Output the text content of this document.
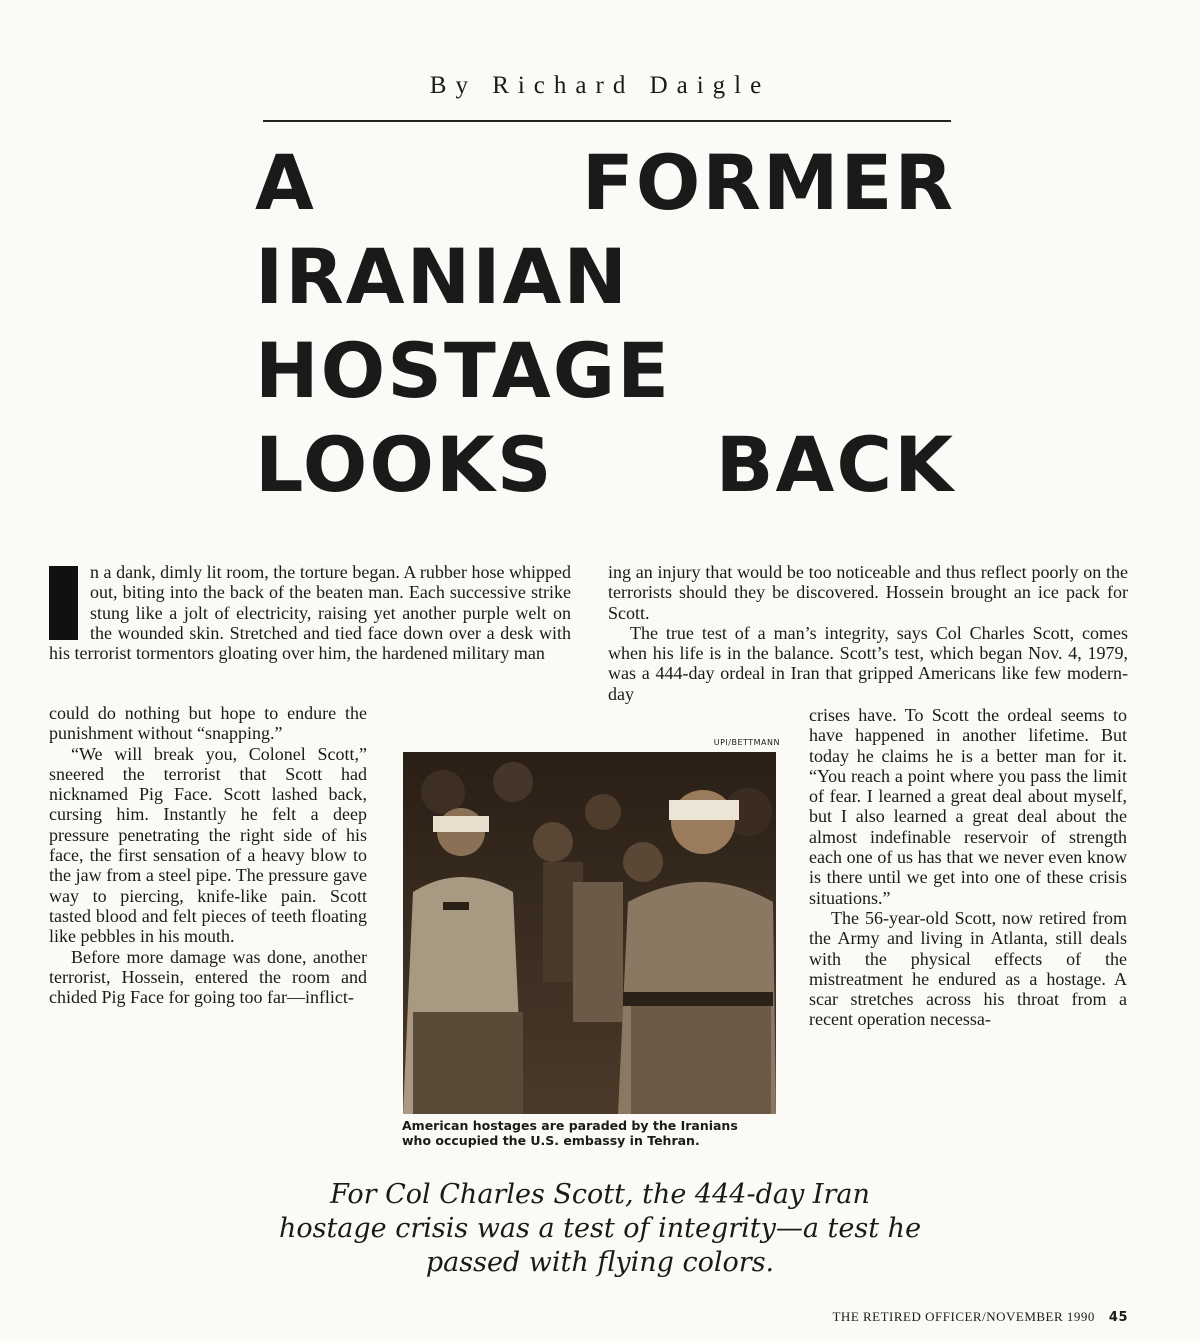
By Richard Daigle
A FORMER
IRANIAN
HOSTAGE
LOOKS BACK

n a dank, dimly lit room, the torture began. A rubber hose whipped out, biting into the back of the beaten man. Each successive strike stung like a jolt of electricity, raising yet another purple welt on the wounded skin. Stretched and tied face down over a desk with his terrorist tormentors gloating over him, the hardened military man

could do nothing but hope to endure the punishment without “snapping.”

“We will break you, Colonel Scott,” sneered the terrorist that Scott had nicknamed Pig Face. Scott lashed back, cursing him. Instantly he felt a deep pressure penetrating the right side of his face, the first sensation of a heavy blow to the jaw from a steel pipe. The pressure gave way to piercing, knife-like pain. Scott tasted blood and felt pieces of teeth floating like pebbles in his mouth.

Before more damage was done, another terrorist, Hossein, entered the room and chided Pig Face for going too far—inflict-

ing an injury that would be too noticeable and thus reflect poorly on the terrorists should they be discovered. Hossein brought an ice pack for Scott.

The true test of a man’s integrity, says Col Charles Scott, comes when his life is in the balance. Scott’s test, which began Nov. 4, 1979, was a 444-day ordeal in Iran that gripped Americans like few modern-day

crises have. To Scott the ordeal seems to have happened in another lifetime. But today he claims he is a better man for it. “You reach a point where you pass the limit of fear. I learned a great deal about myself, but I also learned a great deal about the almost indefinable reservoir of strength each one of us has that we never even know is there until we get into one of these crisis situations.”

The 56-year-old Scott, now retired from the Army and living in Atlanta, still deals with the physical effects of the mistreatment he endured as a hostage. A scar stretches across his throat from a recent operation necessa-

UPI/BETTMANN
American hostages are paraded by the Iranians
who occupied the U.S. embassy in Tehran.
For Col Charles Scott, the 444-day Iran
hostage crisis was a test of integrity—a test he
passed with flying colors.
THE RETIRED OFFICER/NOVEMBER 1990 45
